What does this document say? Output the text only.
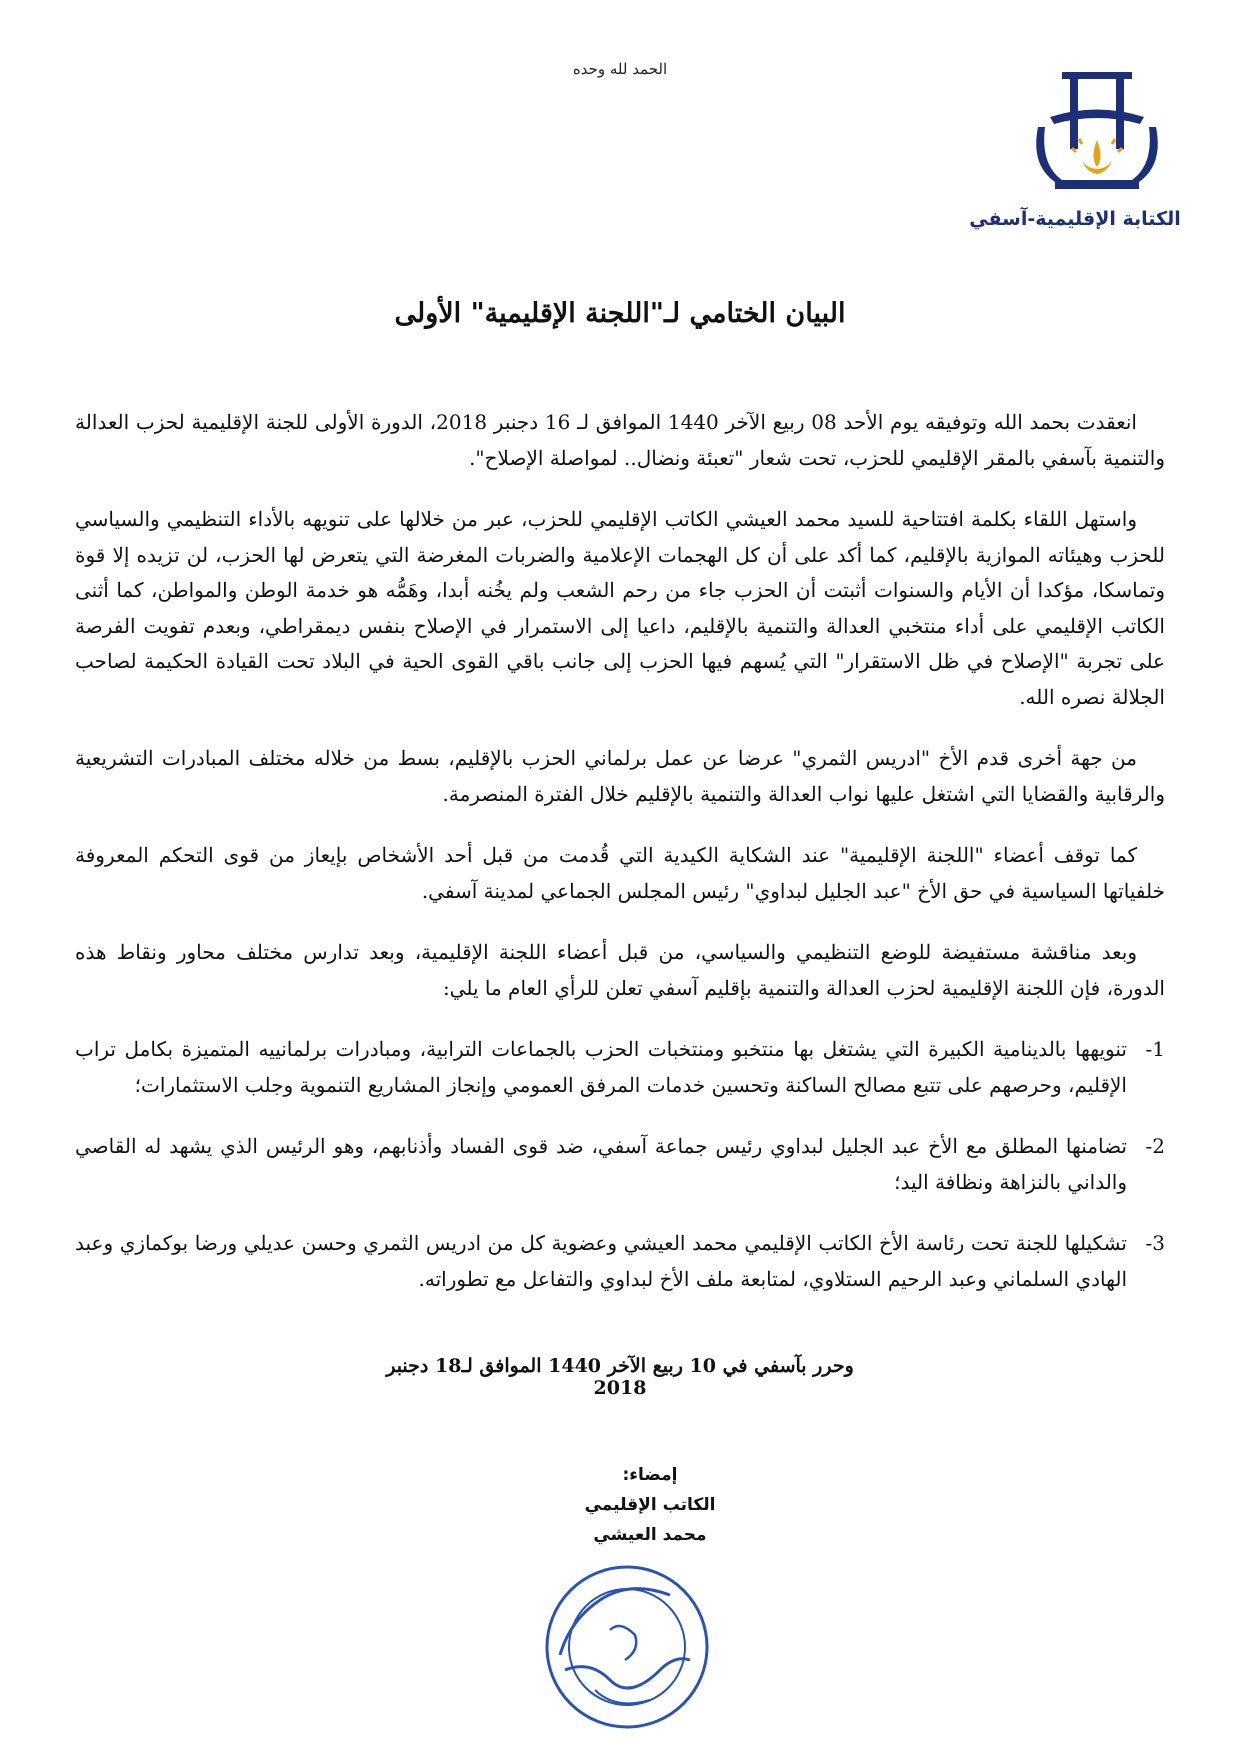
الحمد لله وحده
الكتابة الإقليمية-آسفي
البيان الختامي لـ"اللجنة الإقليمية" الأولى

انعقدت بحمد الله وتوفيقه يوم الأحد 08 ربيع الآخر 1440 الموافق لـ 16 دجنبر 2018، الدورة الأولى للجنة الإقليمية لحزب العدالة والتنمية بآسفي بالمقر الإقليمي للحزب، تحت شعار "تعبئة ونضال.. لمواصلة الإصلاح".

واستهل اللقاء بكلمة افتتاحية للسيد محمد العيشي الكاتب الإقليمي للحزب، عبر من خلالها على تنويهه بالأداء التنظيمي والسياسي للحزب وهيئاته الموازية بالإقليم، كما أكد على أن كل الهجمات الإعلامية والضربات المغرضة التي يتعرض لها الحزب، لن تزيده إلا قوة وتماسكا، مؤكدا أن الأيام والسنوات أثبتت أن الحزب جاء من رحم الشعب ولم يخُنه أبدا، وهَمُّه هو خدمة الوطن والمواطن، كما أثنى الكاتب الإقليمي على أداء منتخبي العدالة والتنمية بالإقليم، داعيا إلى الاستمرار في الإصلاح بنفس ديمقراطي، وبعدم تفويت الفرصة على تجربة "الإصلاح في ظل الاستقرار" التي يُسهم فيها الحزب إلى جانب باقي القوى الحية في البلاد تحت القيادة الحكيمة لصاحب الجلالة نصره الله.

من جهة أخرى قدم الأخ "ادريس الثمري" عرضا عن عمل برلماني الحزب بالإقليم، بسط من خلاله مختلف المبادرات التشريعية والرقابية والقضايا التي اشتغل عليها نواب العدالة والتنمية بالإقليم خلال الفترة المنصرمة.

كما توقف أعضاء "اللجنة الإقليمية" عند الشكاية الكيدية التي قُدمت من قبل أحد الأشخاص بإيعاز من قوى التحكم المعروفة خلفياتها السياسية في حق الأخ "عبد الجليل لبداوي" رئيس المجلس الجماعي لمدينة آسفي.

وبعد مناقشة مستفيضة للوضع التنظيمي والسياسي، من قبل أعضاء اللجنة الإقليمية، وبعد تدارس مختلف محاور ونقاط هذه الدورة، فإن اللجنة الإقليمية لحزب العدالة والتنمية بإقليم آسفي تعلن للرأي العام ما يلي:

1-
تنويهها بالدينامية الكبيرة التي يشتغل بها منتخبو ومنتخبات الحزب بالجماعات الترابية، ومبادرات برلمانييه المتميزة بكامل تراب الإقليم، وحرصهم على تتبع مصالح الساكنة وتحسين خدمات المرفق العمومي وإنجاز المشاريع التنموية وجلب الاستثمارات؛
2-
تضامنها المطلق مع الأخ عبد الجليل لبداوي رئيس جماعة آسفي، ضد قوى الفساد وأذنابهم، وهو الرئيس الذي يشهد له القاصي والداني بالنزاهة ونظافة اليد؛
3-
تشكيلها للجنة تحت رئاسة الأخ الكاتب الإقليمي محمد العيشي وعضوية كل من ادريس الثمري وحسن عديلي ورضا بوكمازي وعبد الهادي السلماني وعبد الرحيم الستلاوي، لمتابعة ملف الأخ لبداوي والتفاعل مع تطوراته.
وحرر بآسفي في 10 ربيع الآخر 1440 الموافق لـ18 دجنبر 2018
إمضاء:
الكاتب الإقليمي
محمد العيشي
